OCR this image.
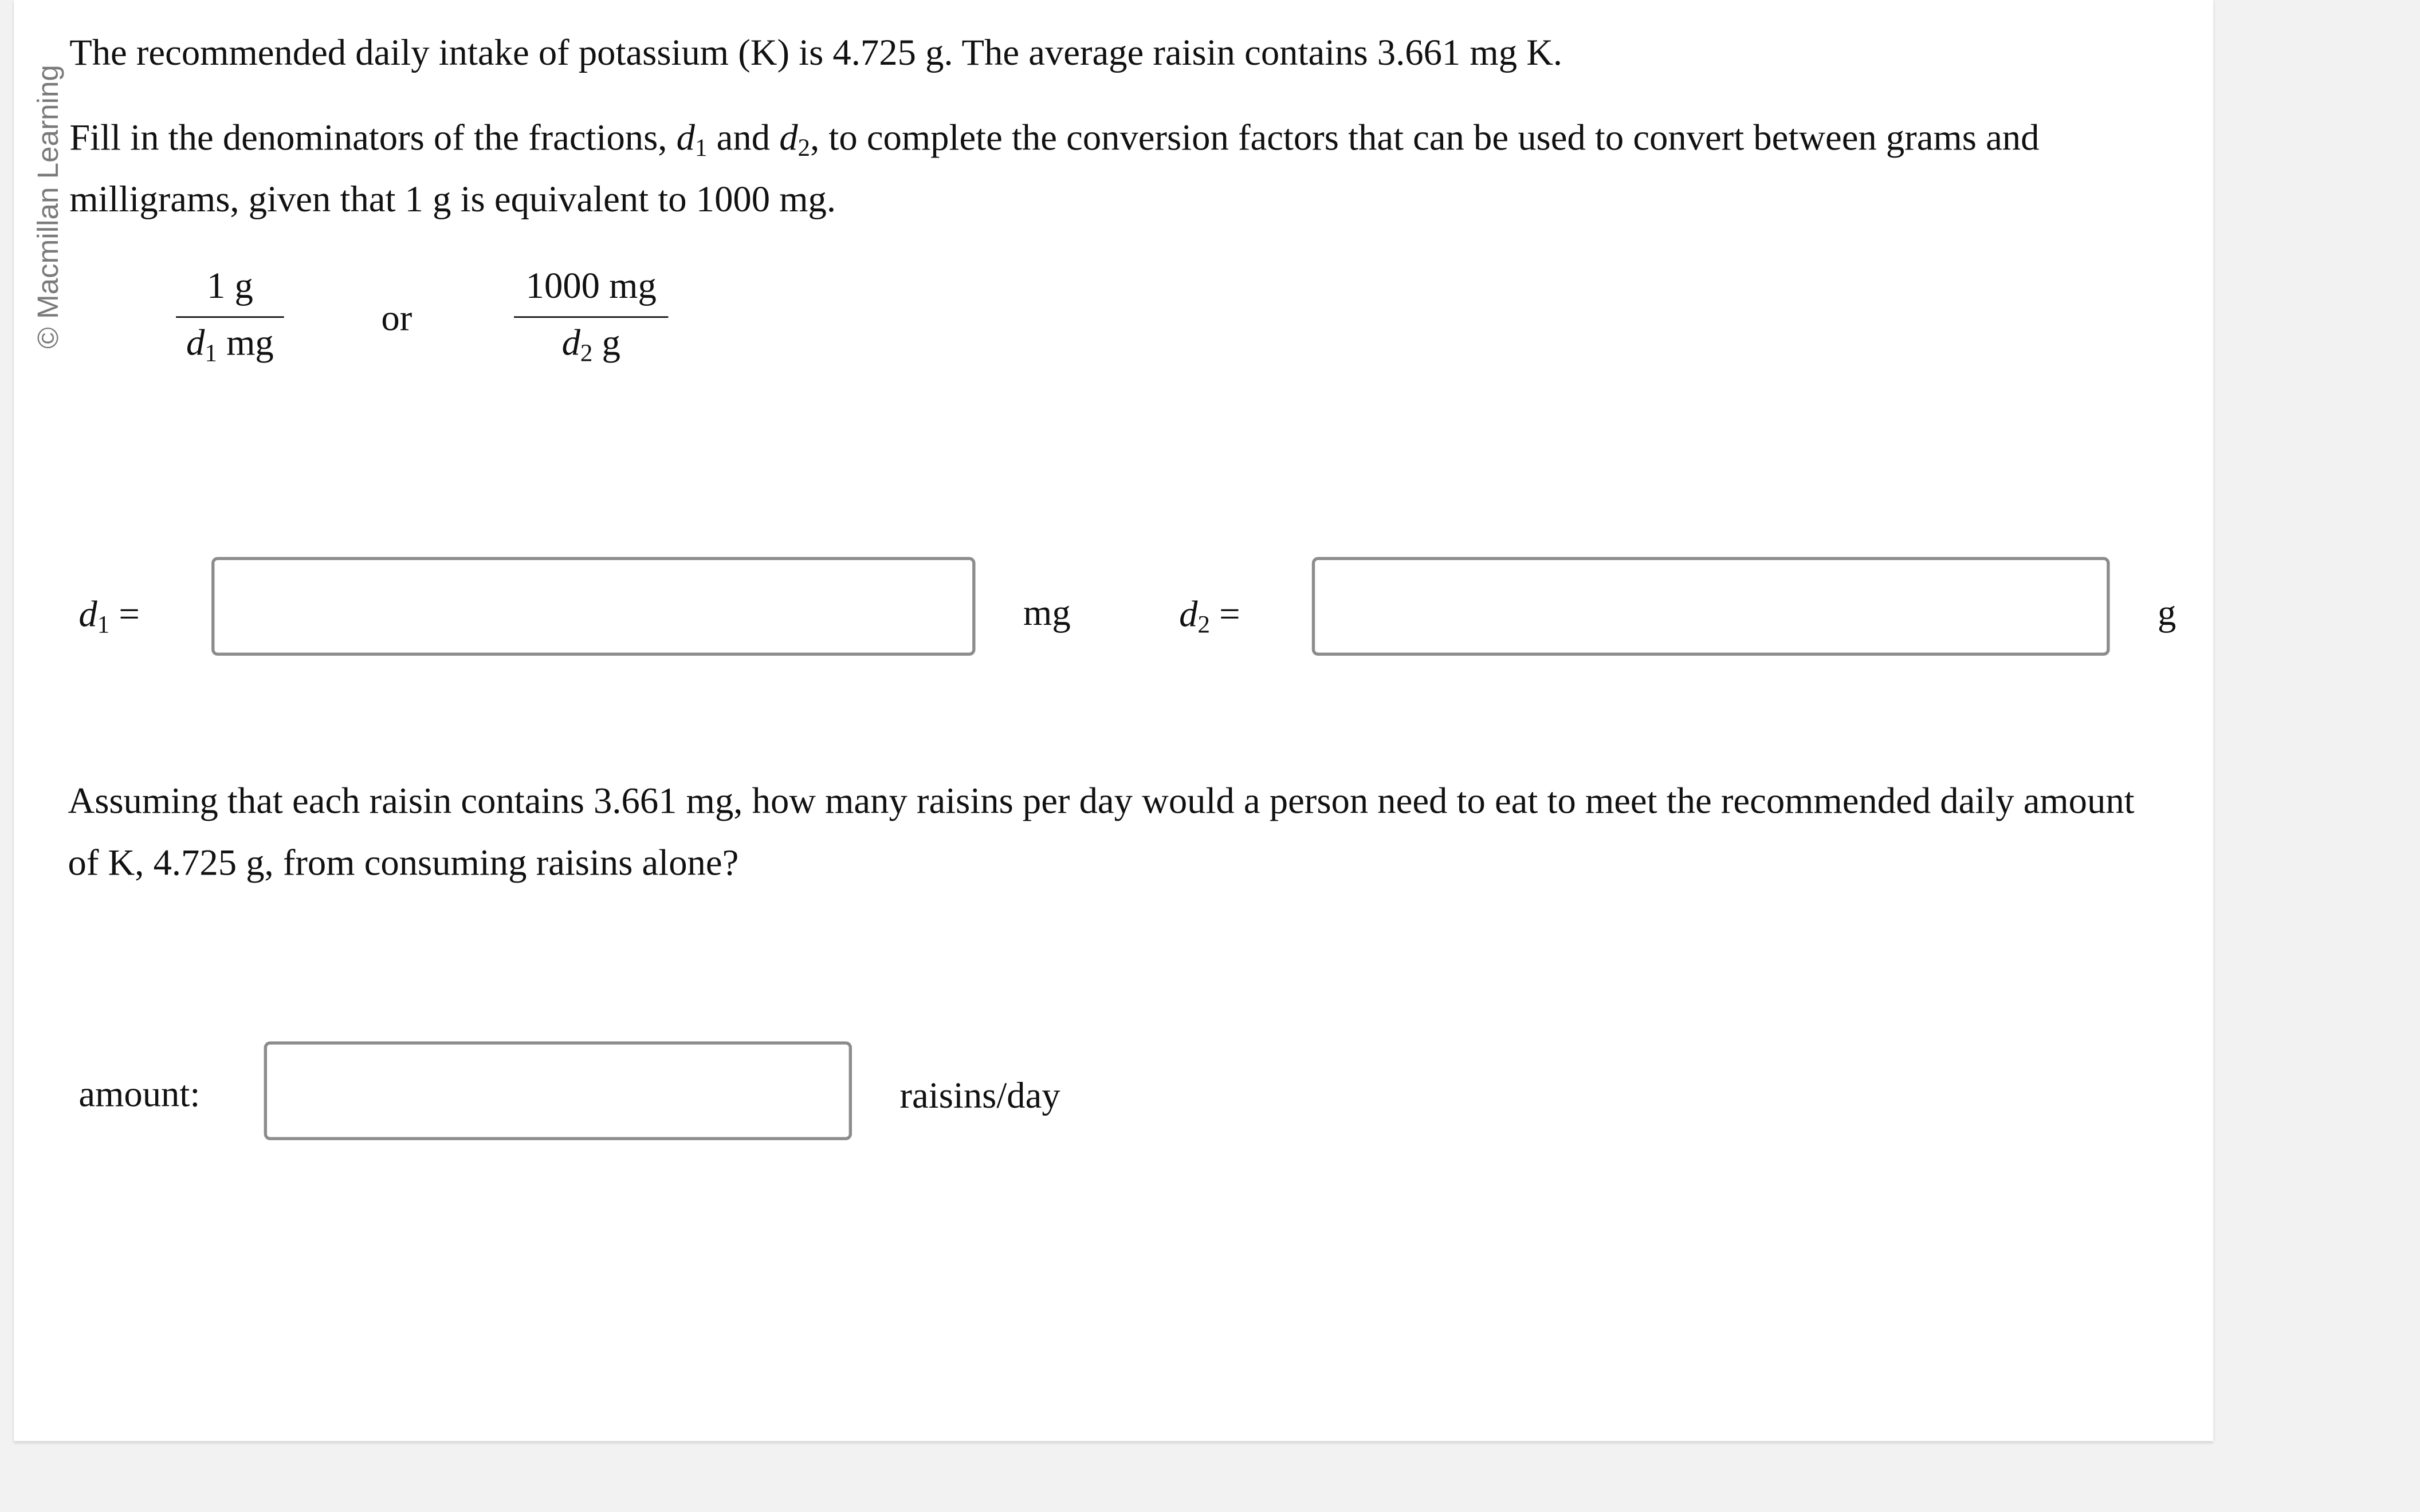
© Macmillan Learning

The recommended daily intake of potassium (K) is 4.725 g. The average raisin contains 3.661 mg K.

Fill in the denominators of the fractions, $d_1$ and $d_2$, to complete the conversion factors that can be used to convert between grams and milligrams, given that 1 g is equivalent to 1000 mg.

1 g
$d_1$ mg
or
1000 mg
$d_2$ g
$d_1$ =	mg	$d_2$ =	g

Assuming that each raisin contains 3.661 mg, how many raisins per day would a person need to eat to meet the recommended daily amount of K, 4.725 g, from consuming raisins alone?

amount:	raisins/day
